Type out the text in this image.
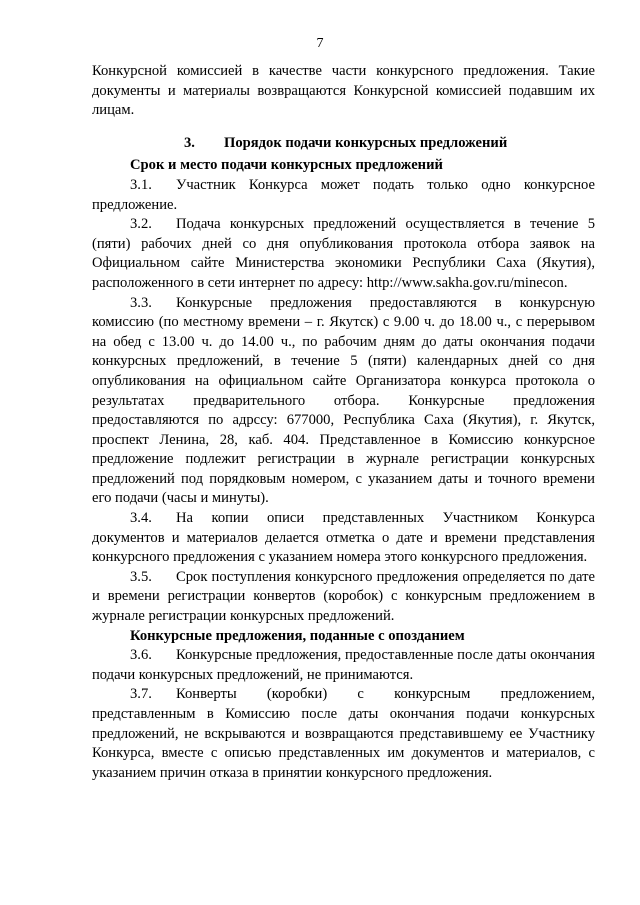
7

Конкурсной комиссией в качестве части конкурсного предложения. Такие документы и материалы возвращаются Конкурсной комиссией подавшим их лицам.

3. Порядок подачи конкурсных предложений

Срок и место подачи конкурсных предложений

3.1. Участник Конкурса может подать только одно конкурсное предложение.

3.2. Подача конкурсных предложений осуществляется в течение 5 (пяти) рабочих дней со дня опубликования протокола отбора заявок на Официальном сайте Министерства экономики Республики Саха (Якутия), расположенного в сети интернет по адресу: http://www.sakha.gov.ru/minecon.

3.3. Конкурсные предложения предоставляются в конкурсную комиссию (по местному времени – г. Якутск) с 9.00 ч. до 18.00 ч., с перерывом на обед с 13.00 ч. до 14.00 ч., по рабочим дням до даты окончания подачи конкурсных предложений, в течение 5 (пяти) календарных дней со дня опубликования на официальном сайте Организатора конкурса протокола о результатах предварительного отбора. Конкурсные предложения предоставляются по адрссу: 677000, Республика Саха (Якутия), г. Якутск, проспект Ленина, 28, каб. 404. Представленное в Комиссию конкурсное предложение подлежит регистрации в журнале регистрации конкурсных предложений под порядковым номером, с указанием даты и точного времени его подачи (часы и минуты).

3.4. На копии описи представленных Участником Конкурса документов и материалов делается отметка о дате и времени представления конкурсного предложения с указанием номера этого конкурсного предложения.

3.5. Срок поступления конкурсного предложения определяется по дате и времени регистрации конвертов (коробок) с конкурсным предложением в журнале регистрации конкурсных предложений.

Конкурсные предложения, поданные с опозданием

3.6. Конкурсные предложения, предоставленные после даты окончания подачи конкурсных предложений, не принимаются.

3.7. Конверты (коробки) с конкурсным предложением, представленным в Комиссию после даты окончания подачи конкурсных предложений, не вскрываются и возвращаются представившему ее Участнику Конкурса, вместе с описью представленных им документов и материалов, с указанием причин отказа в принятии конкурсного предложения.
